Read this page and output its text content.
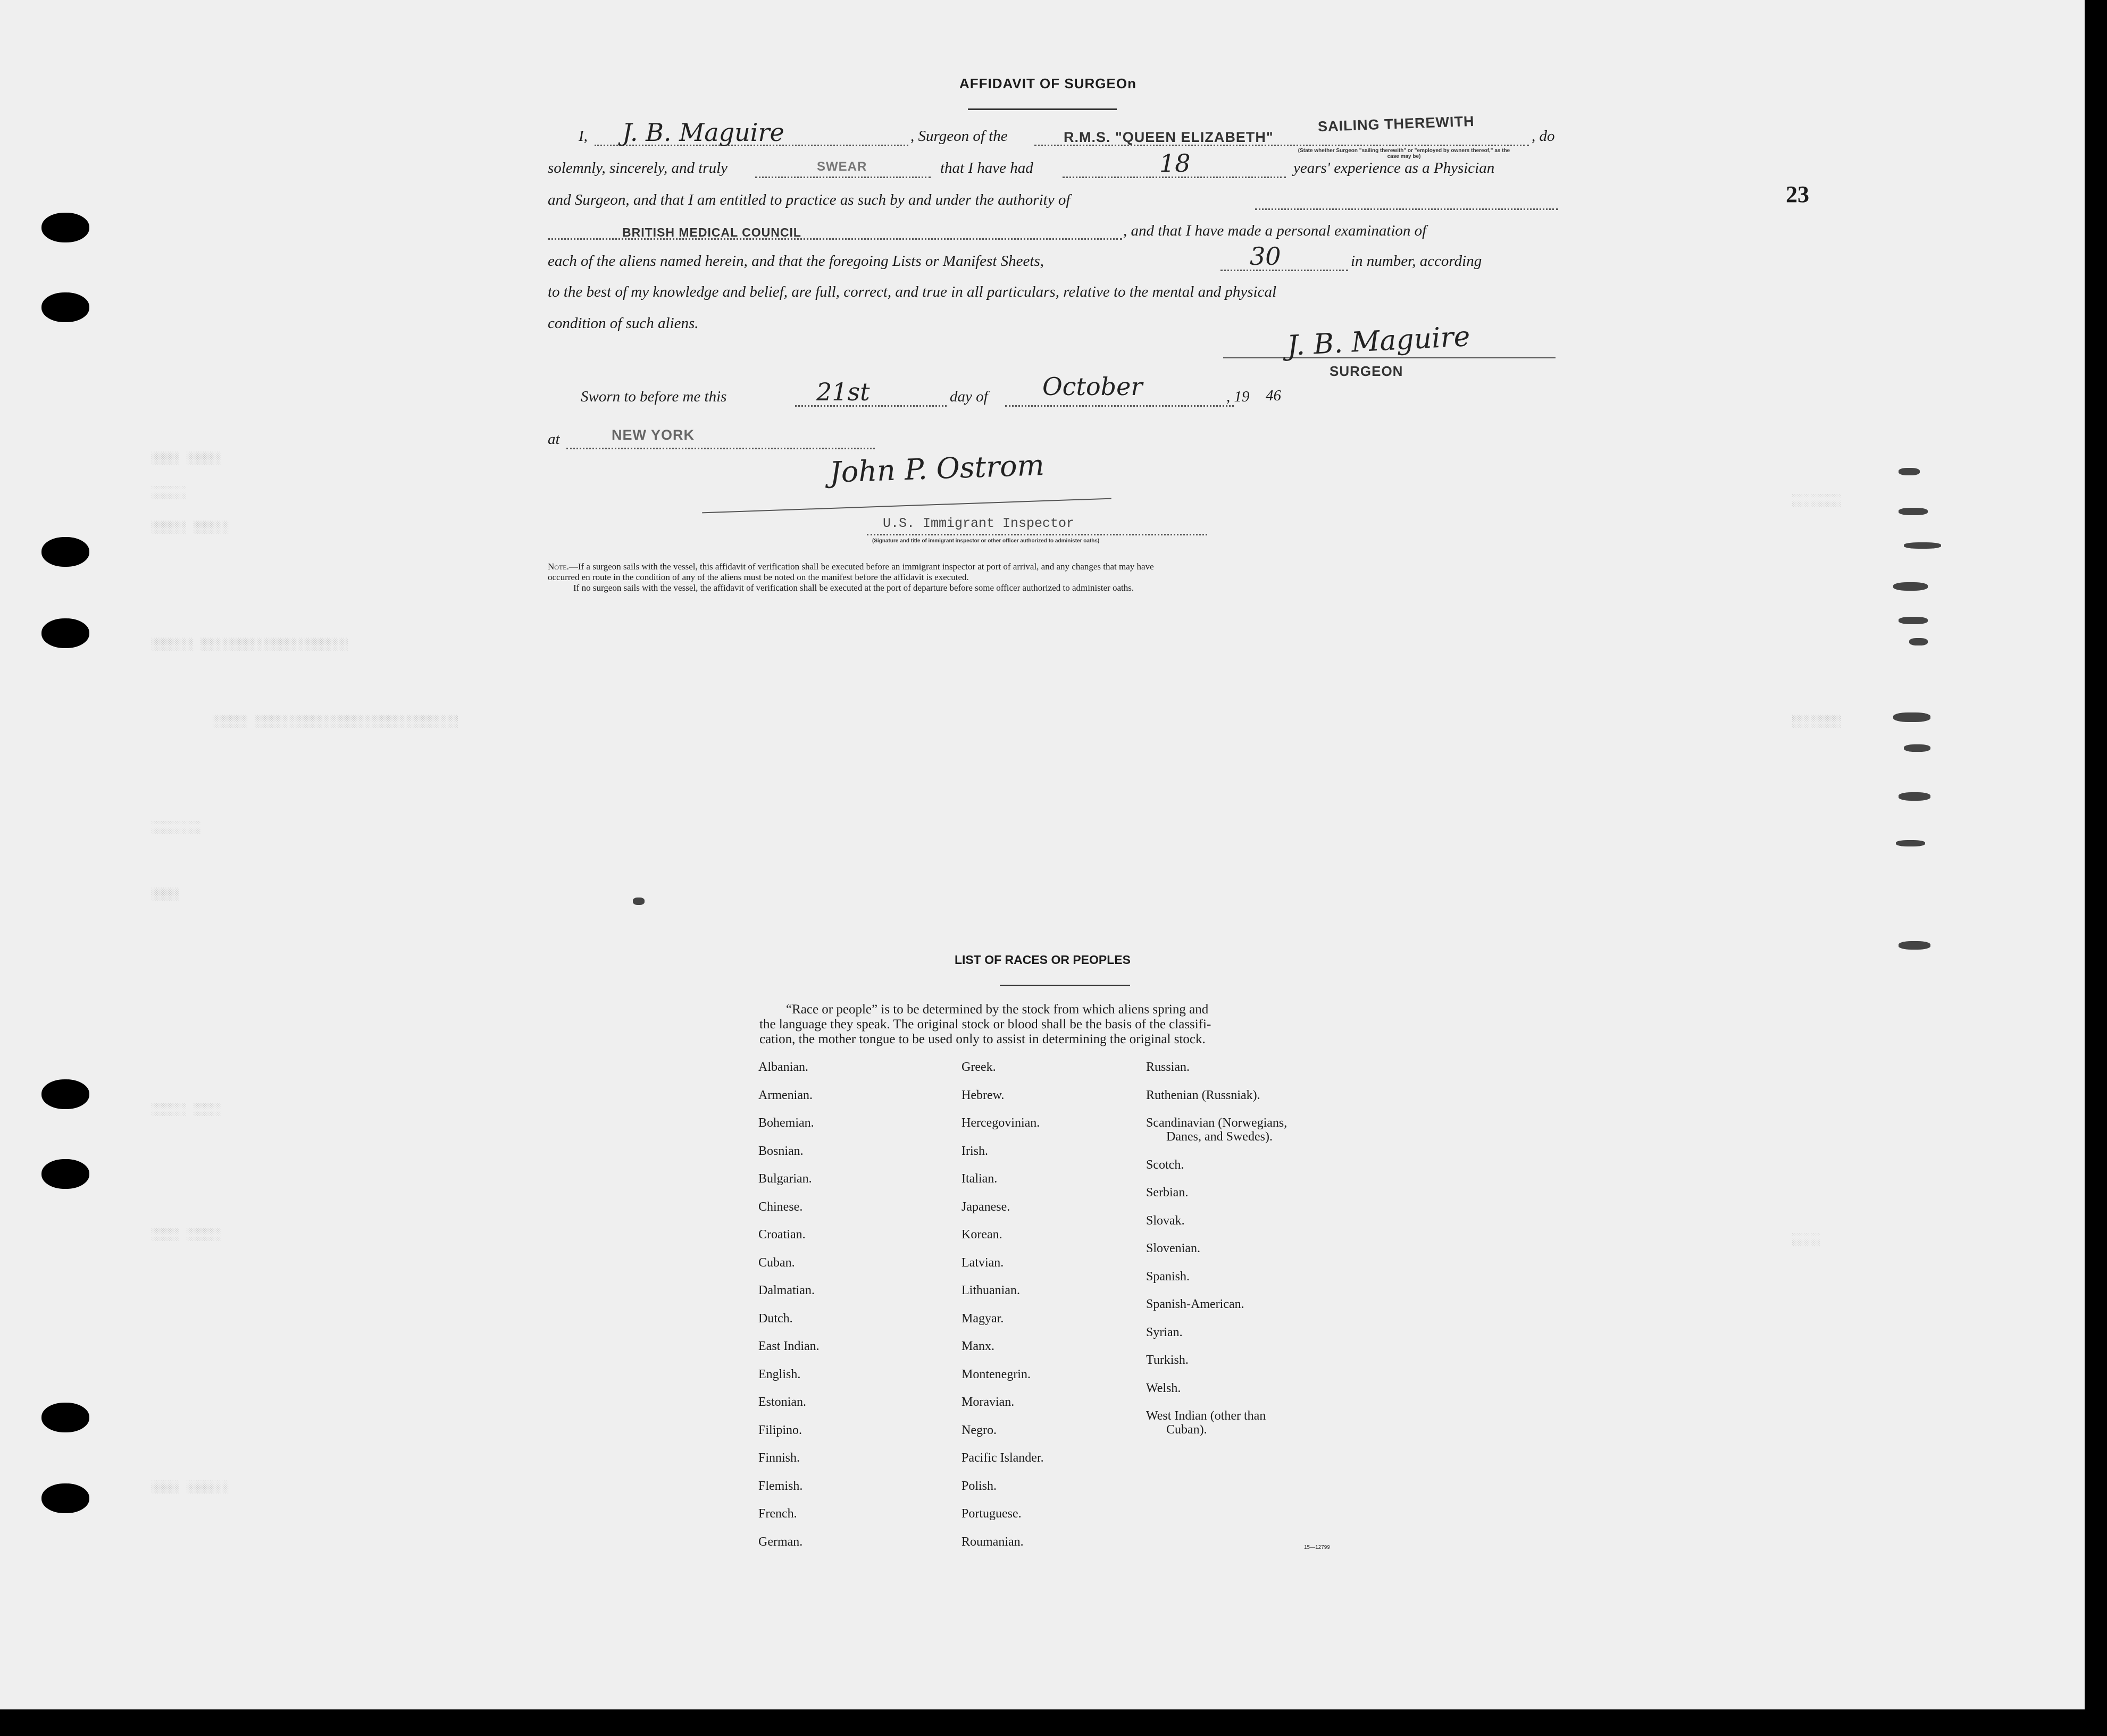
░░░░ ░░░░░
░░░░░
░░░░░ ░░░░░
░░░░░░ ░░░░░░░░░░░░░░░░░░░░░
░░░░░ ░░░░░░░░░░░░░░░░░░░░░░░░░░░░░
░░░░░░░
░░░░
░░░░░ ░░░░
░░░░ ░░░░░
░░░░ ░░░░░░
░░░░░░░
░░░░░░░
░░░░
23
AFFIDAVIT OF SURGEOn
I, J. B. Maguire	, Surgeon of the	R.M.S. "QUEEN ELIZABETH"
SAILING THEREWITH
, do
(State whether Surgeon "sailing therewith" or "employed by owners thereof," as the case may be)
solemnly, sincerely, and truly	SWEAR	that I have had	18	years' experience as a Physician
and Surgeon, and that I am entitled to practice as such by and under the authority of
BRITISH MEDICAL COUNCIL	, and that I have made a personal examination of
each of the aliens named herein, and that the foregoing Lists or Manifest Sheets,	30	in number, according
to the best of my knowledge and belief, are full, correct, and true in all particulars, relative to the mental and physical
condition of such aliens.	J. B. Maguire
SURGEON
Sworn to before me this	21st	day of October	, 19 46
at	NEW YORK
John P. Ostrom
U.S. Immigrant Inspector
(Signature and title of immigrant inspector or other officer authorized to administer oaths)
Note.—If a surgeon sails with the vessel, this affidavit of verification shall be executed before an immigrant inspector at port of arrival, and any changes that may have
occurred en route in the condition of any of the aliens must be noted on the manifest before the affidavit is executed.
If no surgeon sails with the vessel, the affidavit of verification shall be executed at the port of departure before some officer authorized to administer oaths.
LIST OF RACES OR PEOPLES
“Race or people” is to be determined by the stock from which aliens spring and
the language they speak. The original stock or blood shall be the basis of the classifi-
cation, the mother tongue to be used only to assist in determining the original stock.
Albanian.
Armenian.
Bohemian.
Bosnian.
Bulgarian.
Chinese.
Croatian.
Cuban.
Dalmatian.
Dutch.
East Indian.
English.
Estonian.
Filipino.
Finnish.
Flemish.
French.
German.
Greek.
Hebrew.
Hercegovinian.
Irish.
Italian.
Japanese.
Korean.
Latvian.
Lithuanian.
Magyar.
Manx.
Montenegrin.
Moravian.
Negro.
Pacific Islander.
Polish.
Portuguese.
Roumanian.
Russian.
Ruthenian (Russniak).
Scandinavian (Norwegians,
Danes, and Swedes).
Scotch.
Serbian.
Slovak.
Slovenian.
Spanish.
Spanish-American.
Syrian.
Turkish.
Welsh.
West Indian (other than
Cuban).
15—12799
